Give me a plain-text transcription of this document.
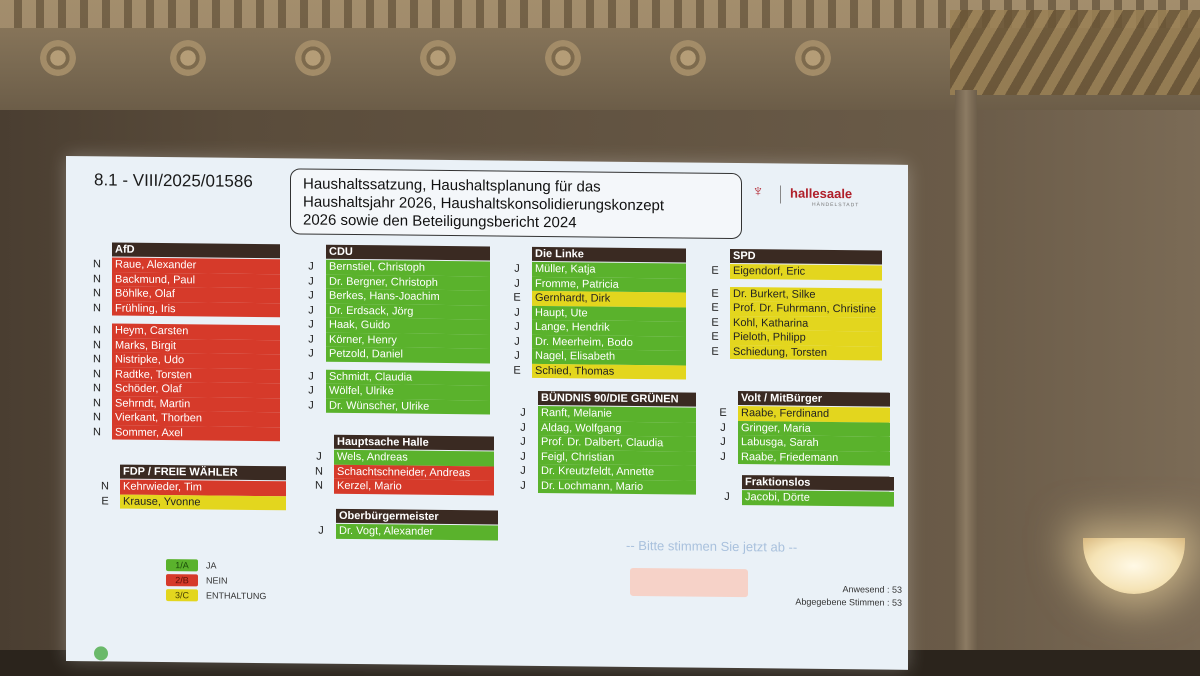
8.1 - VIII/2025/01586	Haushaltssatzung, Haushaltsplanung für das
Haushaltsjahr 2026, Haushaltskonsolidierungskonzept
2026 sowie den Beteiligungsbericht 2024
♆ hallesaale
HÄNDELSTADT
AfD
N Raue, Alexander
N Backmund, Paul
N Böhlke, Olaf
N Frühling, Iris
N Heym, Carsten
N Marks, Birgit
N Nistripke, Udo
N Radtke, Torsten
N Schöder, Olaf
N Sehrndt, Martin
N Vierkant, Thorben
N Sommer, Axel
FDP / FREIE WÄHLER
N Kehrwieder, Tim
E	Krause, Yvonne
CDU
J	Bernstiel, Christoph
J	Dr. Bergner, Christoph
J	Berkes, Hans-Joachim
J	Dr. Erdsack, Jörg
J	Haak, Guido
J	Körner, Henry
J	Petzold, Daniel
J	Schmidt, Claudia
J	Wölfel, Ulrike
J	Dr. Wünscher, Ulrike
Hauptsache Halle
J	Wels, Andreas
N Schachtschneider, Andreas
N Kerzel, Mario
Oberbürgermeister
J	Dr. Vogt, Alexander
Die Linke
J	Müller, Katja
J	Fromme, Patricia
E	Gernhardt, Dirk
J	Haupt, Ute
J	Lange, Hendrik
J	Dr. Meerheim, Bodo
J	Nagel, Elisabeth
E	Schied, Thomas
BÜNDNIS 90/DIE GRÜNEN
J	Ranft, Melanie
J	Aldag, Wolfgang
J	Prof. Dr. Dalbert, Claudia
J	Feigl, Christian
J	Dr. Kreutzfeldt, Annette
J	Dr. Lochmann, Mario
SPD
E	Eigendorf, Eric
E	Dr. Burkert, Silke
E	Prof. Dr. Fuhrmann, Christine
E	Kohl, Katharina
E	Pieloth, Philipp
E	Schiedung, Torsten
Volt / MitBürger
E	Raabe, Ferdinand
J	Gringer, Maria
J	Labusga, Sarah
J	Raabe, Friedemann
Fraktionslos
J	Jacobi, Dörte
1/A JA
2/B NEIN
3/C ENTHALTUNG
-- Bitte stimmen Sie jetzt ab --
Anwesend : 53
Abgegebene Stimmen : 53
